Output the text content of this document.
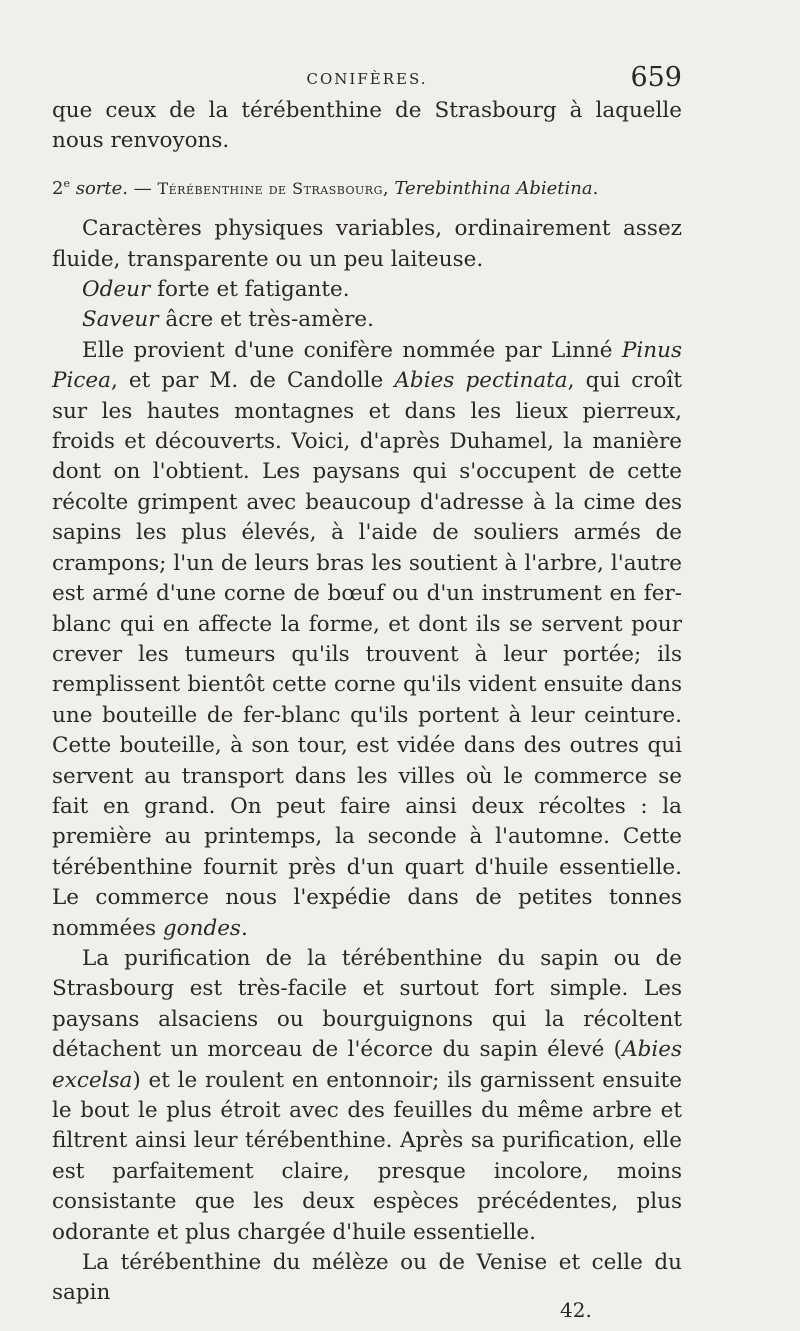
CONIFÈRES.	659

que ceux de la térébenthine de Strasbourg à laquelle nous renvoyons.

2e sorte. — Térébenthine de Strasbourg, Terebinthina Abietina.

Caractères physiques variables, ordinairement assez fluide, transparente ou un peu laiteuse.

Odeur forte et fatigante.

Saveur âcre et très-amère.

Elle provient d'une conifère nommée par Linné Pinus Picea, et par M. de Candolle Abies pectinata, qui croît sur les hautes montagnes et dans les lieux pierreux, froids et découverts. Voici, d'après Duhamel, la manière dont on l'obtient. Les paysans qui s'occupent de cette récolte grimpent avec beaucoup d'adresse à la cime des sapins les plus élevés, à l'aide de souliers armés de crampons; l'un de leurs bras les soutient à l'arbre, l'autre est armé d'une corne de bœuf ou d'un instrument en fer-blanc qui en affecte la forme, et dont ils se servent pour crever les tumeurs qu'ils trouvent à leur portée; ils remplissent bientôt cette corne qu'ils vident ensuite dans une bouteille de fer-blanc qu'ils portent à leur ceinture. Cette bouteille, à son tour, est vidée dans des outres qui servent au transport dans les villes où le commerce se fait en grand. On peut faire ainsi deux récoltes : la première au printemps, la seconde à l'automne. Cette térébenthine fournit près d'un quart d'huile essentielle. Le commerce nous l'expédie dans de petites tonnes nommées gondes.

La purification de la térébenthine du sapin ou de Strasbourg est très-facile et surtout fort simple. Les paysans alsaciens ou bourguignons qui la récoltent détachent un morceau de l'écorce du sapin élevé (Abies excelsa) et le roulent en entonnoir; ils garnissent ensuite le bout le plus étroit avec des feuilles du même arbre et filtrent ainsi leur térébenthine. Après sa purification, elle est parfaitement claire, presque incolore, moins consistante que les deux espèces précédentes, plus odorante et plus chargée d'huile essentielle.

La térébenthine du mélèze ou de Venise et celle du sapin

42.
